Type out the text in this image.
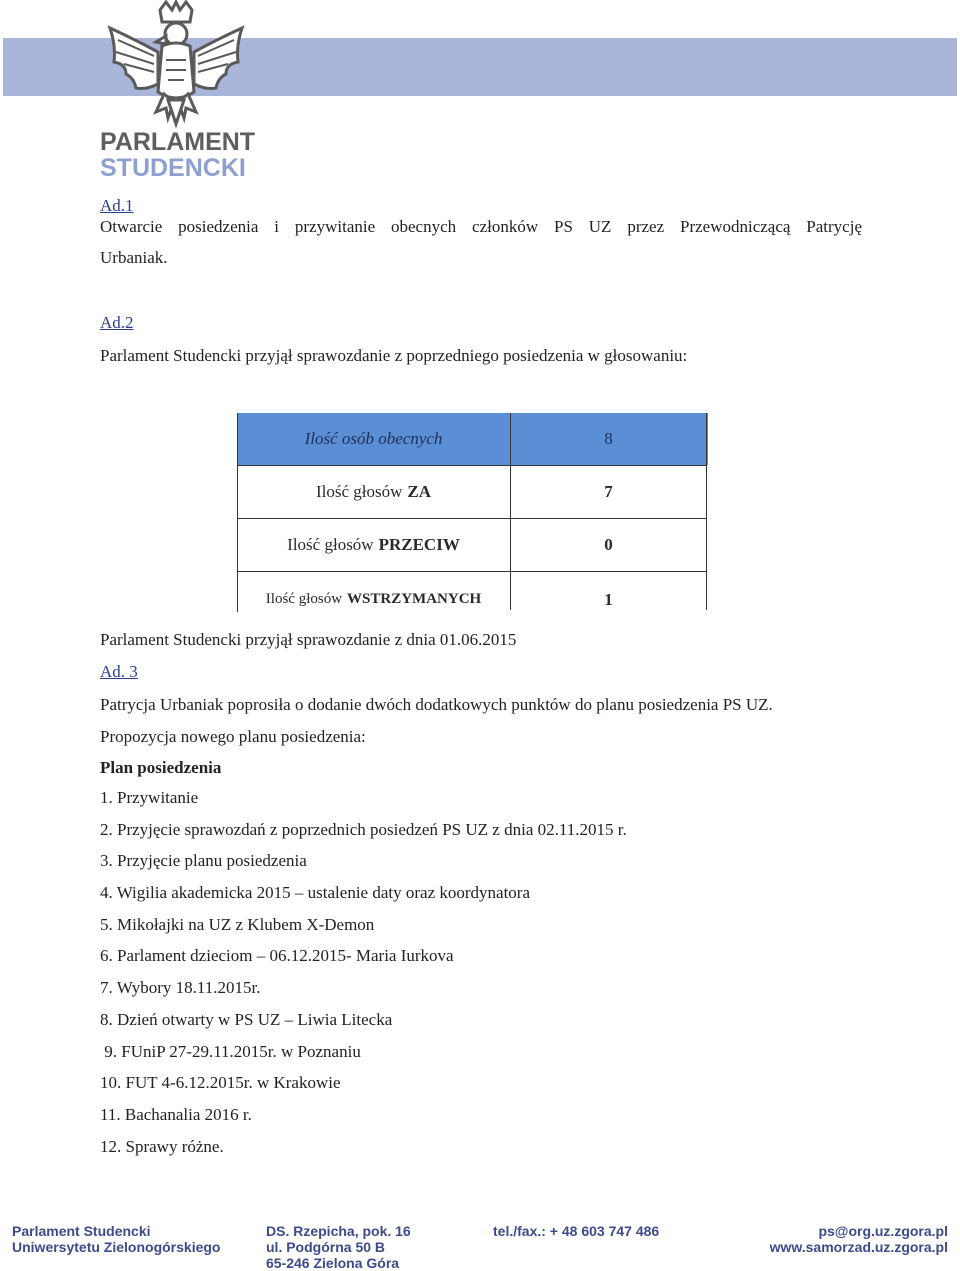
PARLAMENT
STUDENCKI
Ad.1
Otwarcie posiedzenia i przywitanie obecnych członków PS UZ przez Przewodniczącą Patrycję
Urbaniak.
Ad.2
Parlament Studencki przyjął sprawozdanie z poprzedniego posiedzenia w głosowaniu:
Ilość osób obecnych	8
Ilość głosów ZA	7
Ilość głosów PRZECIW	0
Ilość głosów WSTRZYMANYCH	1
Parlament Studencki przyjął sprawozdanie z dnia 01.06.2015
Ad. 3
Patrycja Urbaniak poprosiła o dodanie dwóch dodatkowych punktów do planu posiedzenia PS UZ.
Propozycja nowego planu posiedzenia:
Plan posiedzenia
1. Przywitanie
2. Przyjęcie sprawozdań z poprzednich posiedzeń PS UZ z dnia 02.11.2015 r.
3. Przyjęcie planu posiedzenia
4. Wigilia akademicka 2015 – ustalenie daty oraz koordynatora
5. Mikołajki na UZ z Klubem X-Demon
6. Parlament dzieciom – 06.12.2015- Maria Iurkova
7. Wybory 18.11.2015r.
8. Dzień otwarty w PS UZ – Liwia Litecka
9. FUniP 27-29.11.2015r. w Poznaniu
10. FUT 4-6.12.2015r. w Krakowie
11. Bachanalia 2016 r.
12. Sprawy różne.
Parlament Studencki
Uniwersytetu Zielonogórskiego
DS. Rzepicha, pok. 16
ul. Podgórna 50 B
65-246 Zielona Góra
tel./fax.: + 48 603 747 486	ps@org.uz.zgora.pl
www.samorzad.uz.zgora.pl
